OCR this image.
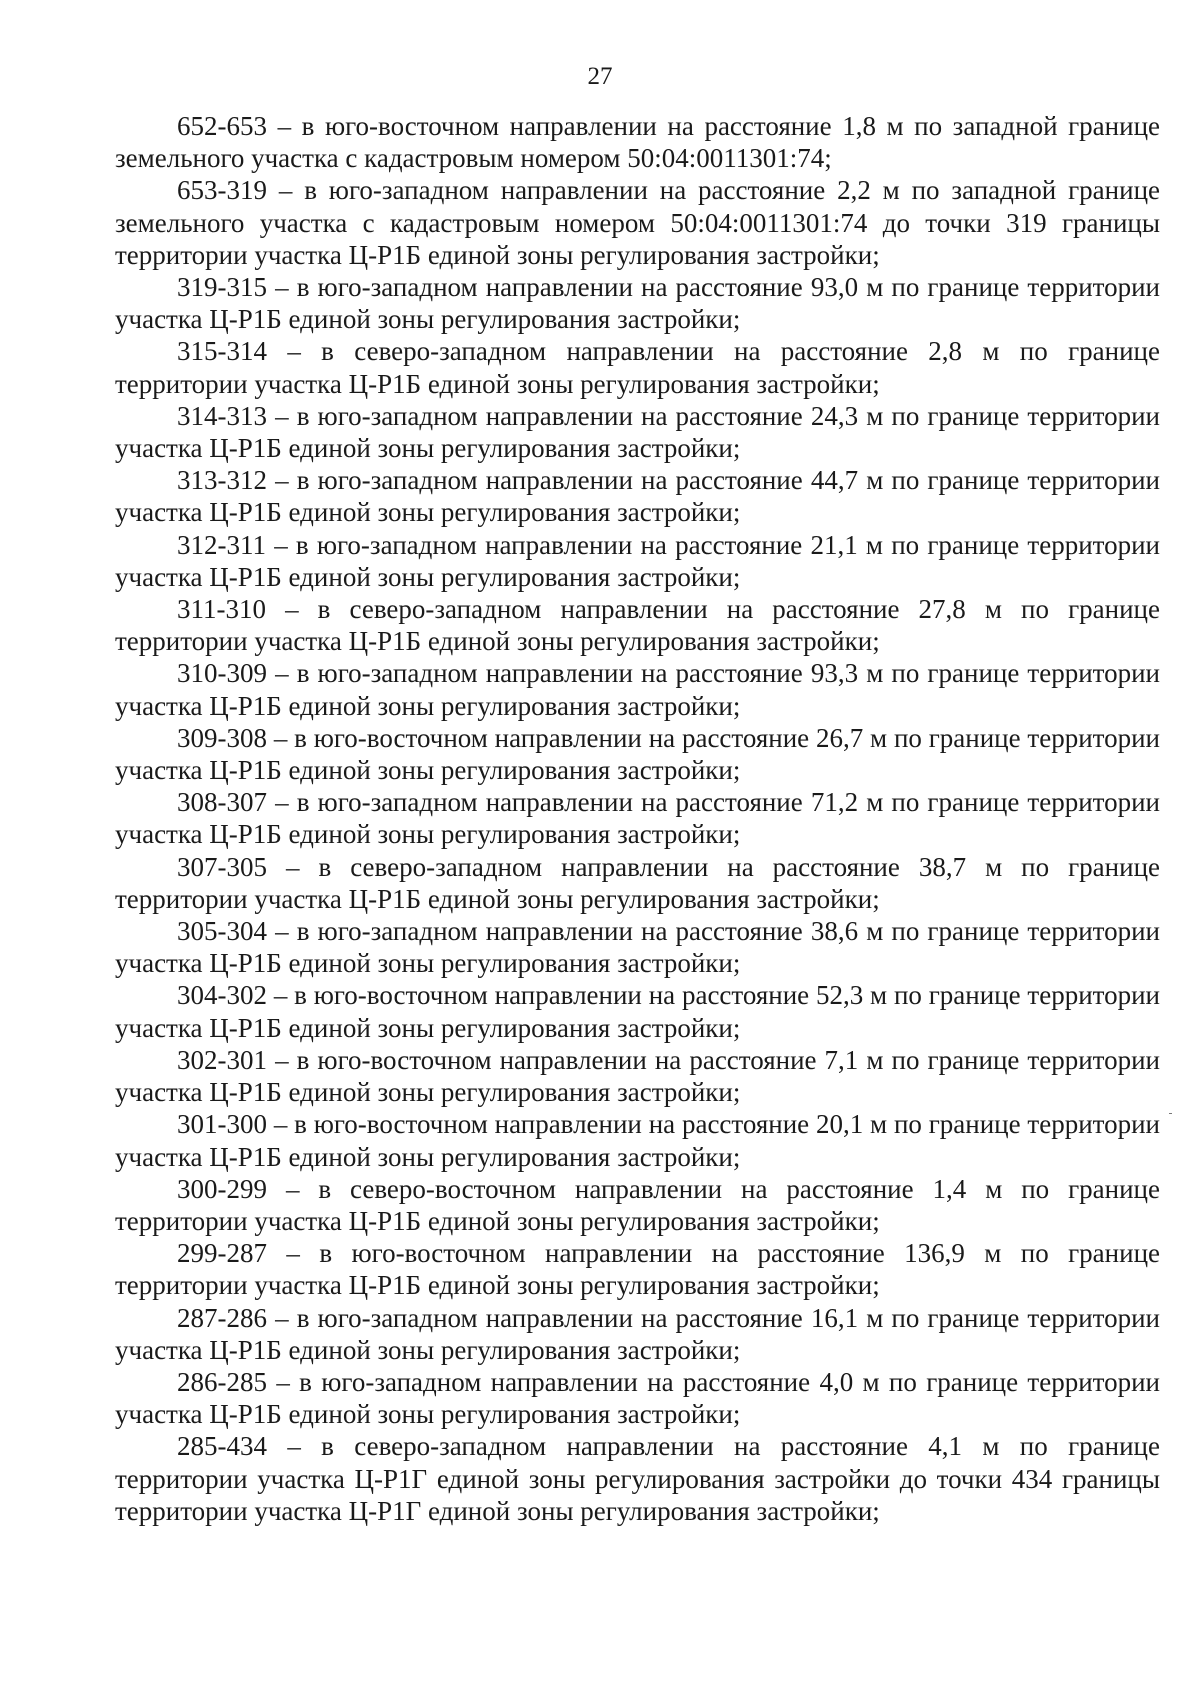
27

652-653 – в юго-восточном направлении на расстояние 1,8 м по западной границе земельного участка с кадастровым номером 50:04:0011301:74;

653-319 – в юго-западном направлении на расстояние 2,2 м по западной границе земельного участка с кадастровым номером 50:04:0011301:74 до точки 319 границы территории участка Ц-Р1Б единой зоны регулирования застройки;

319-315 – в юго-западном направлении на расстояние 93,0 м по границе территории участка Ц-Р1Б единой зоны регулирования застройки;

315-314 – в северо-западном направлении на расстояние 2,8 м по границе территории участка Ц-Р1Б единой зоны регулирования застройки;

314-313 – в юго-западном направлении на расстояние 24,3 м по границе территории участка Ц-Р1Б единой зоны регулирования застройки;

313-312 – в юго-западном направлении на расстояние 44,7 м по границе территории участка Ц-Р1Б единой зоны регулирования застройки;

312-311 – в юго-западном направлении на расстояние 21,1 м по границе территории участка Ц-Р1Б единой зоны регулирования застройки;

311-310 – в северо-западном направлении на расстояние 27,8 м по границе территории участка Ц-Р1Б единой зоны регулирования застройки;

310-309 – в юго-западном направлении на расстояние 93,3 м по границе территории участка Ц-Р1Б единой зоны регулирования застройки;

309-308 – в юго-восточном направлении на расстояние 26,7 м по границе территории участка Ц-Р1Б единой зоны регулирования застройки;

308-307 – в юго-западном направлении на расстояние 71,2 м по границе территории участка Ц-Р1Б единой зоны регулирования застройки;

307-305 – в северо-западном направлении на расстояние 38,7 м по границе территории участка Ц-Р1Б единой зоны регулирования застройки;

305-304 – в юго-западном направлении на расстояние 38,6 м по границе территории участка Ц-Р1Б единой зоны регулирования застройки;

304-302 – в юго-восточном направлении на расстояние 52,3 м по границе территории участка Ц-Р1Б единой зоны регулирования застройки;

302-301 – в юго-восточном направлении на расстояние 7,1 м по границе территории участка Ц-Р1Б единой зоны регулирования застройки;

301-300 – в юго-восточном направлении на расстояние 20,1 м по границе территории участка Ц-Р1Б единой зоны регулирования застройки;

300-299 – в северо-восточном направлении на расстояние 1,4 м по границе территории участка Ц-Р1Б единой зоны регулирования застройки;

299-287 – в юго-восточном направлении на расстояние 136,9 м по границе территории участка Ц-Р1Б единой зоны регулирования застройки;

287-286 – в юго-западном направлении на расстояние 16,1 м по границе территории участка Ц-Р1Б единой зоны регулирования застройки;

286-285 – в юго-западном направлении на расстояние 4,0 м по границе территории участка Ц-Р1Б единой зоны регулирования застройки;

285-434 – в северо-западном направлении на расстояние 4,1 м по границе территории участка Ц-Р1Г единой зоны регулирования застройки до точки 434 границы территории участка Ц-Р1Г единой зоны регулирования застройки;
